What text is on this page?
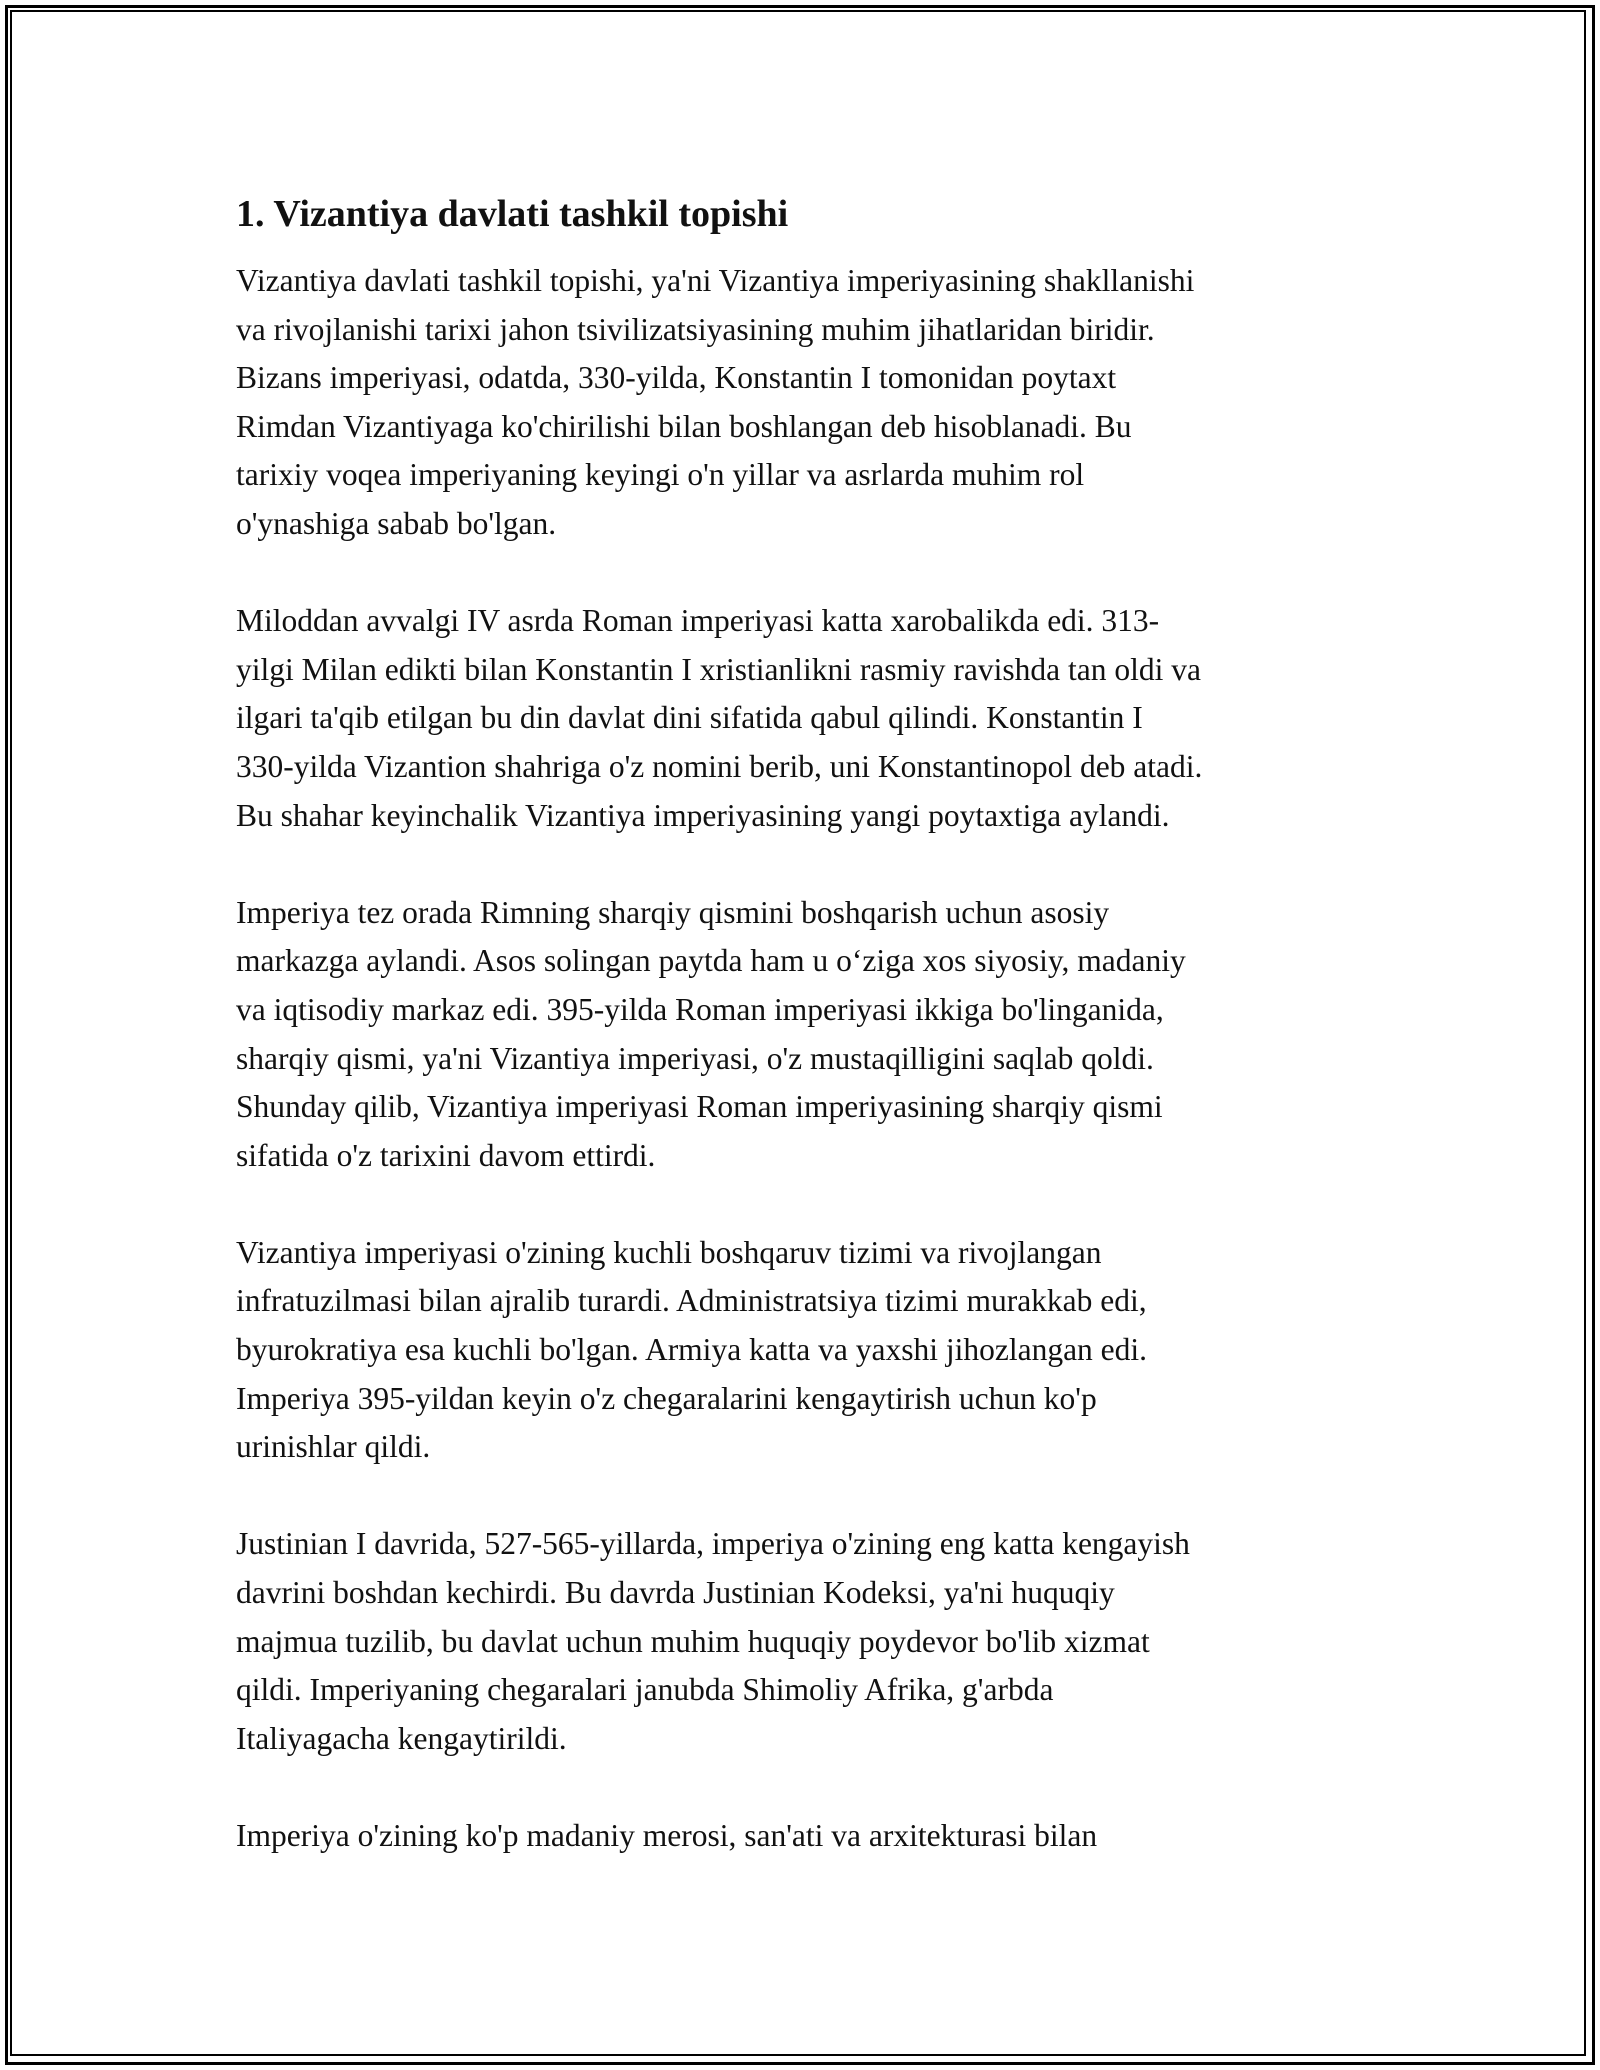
1. Vizantiya davlati tashkil topishi

Vizantiya davlati tashkil topishi, ya'ni Vizantiya imperiyasining shakllanishi
va rivojlanishi tarixi jahon tsivilizatsiyasining muhim jihatlaridan biridir.
Bizans imperiyasi, odatda, 330-yilda, Konstantin I tomonidan poytaxt
Rimdan Vizantiyaga ko'chirilishi bilan boshlangan deb hisoblanadi. Bu
tarixiy voqea imperiyaning keyingi o'n yillar va asrlarda muhim rol
o'ynashiga sabab bo'lgan.

Miloddan avvalgi IV asrda Roman imperiyasi katta xarobalikda edi. 313-
yilgi Milan edikti bilan Konstantin I xristianlikni rasmiy ravishda tan oldi va
ilgari ta'qib etilgan bu din davlat dini sifatida qabul qilindi. Konstantin I
330-yilda Vizantion shahriga o'z nomini berib, uni Konstantinopol deb atadi.
Bu shahar keyinchalik Vizantiya imperiyasining yangi poytaxtiga aylandi.

Imperiya tez orada Rimning sharqiy qismini boshqarish uchun asosiy
markazga aylandi. Asos solingan paytda ham u o‘ziga xos siyosiy, madaniy
va iqtisodiy markaz edi. 395-yilda Roman imperiyasi ikkiga bo'linganida,
sharqiy qismi, ya'ni Vizantiya imperiyasi, o'z mustaqilligini saqlab qoldi.
Shunday qilib, Vizantiya imperiyasi Roman imperiyasining sharqiy qismi
sifatida o'z tarixini davom ettirdi.

Vizantiya imperiyasi o'zining kuchli boshqaruv tizimi va rivojlangan
infratuzilmasi bilan ajralib turardi. Administratsiya tizimi murakkab edi,
byurokratiya esa kuchli bo'lgan. Armiya katta va yaxshi jihozlangan edi.
Imperiya 395-yildan keyin o'z chegaralarini kengaytirish uchun ko'p
urinishlar qildi.

Justinian I davrida, 527-565-yillarda, imperiya o'zining eng katta kengayish
davrini boshdan kechirdi. Bu davrda Justinian Kodeksi, ya'ni huquqiy
majmua tuzilib, bu davlat uchun muhim huquqiy poydevor bo'lib xizmat
qildi. Imperiyaning chegaralari janubda Shimoliy Afrika, g'arbda
Italiyagacha kengaytirildi.

Imperiya o'zining ko'p madaniy merosi, san'ati va arxitekturasi bilan
